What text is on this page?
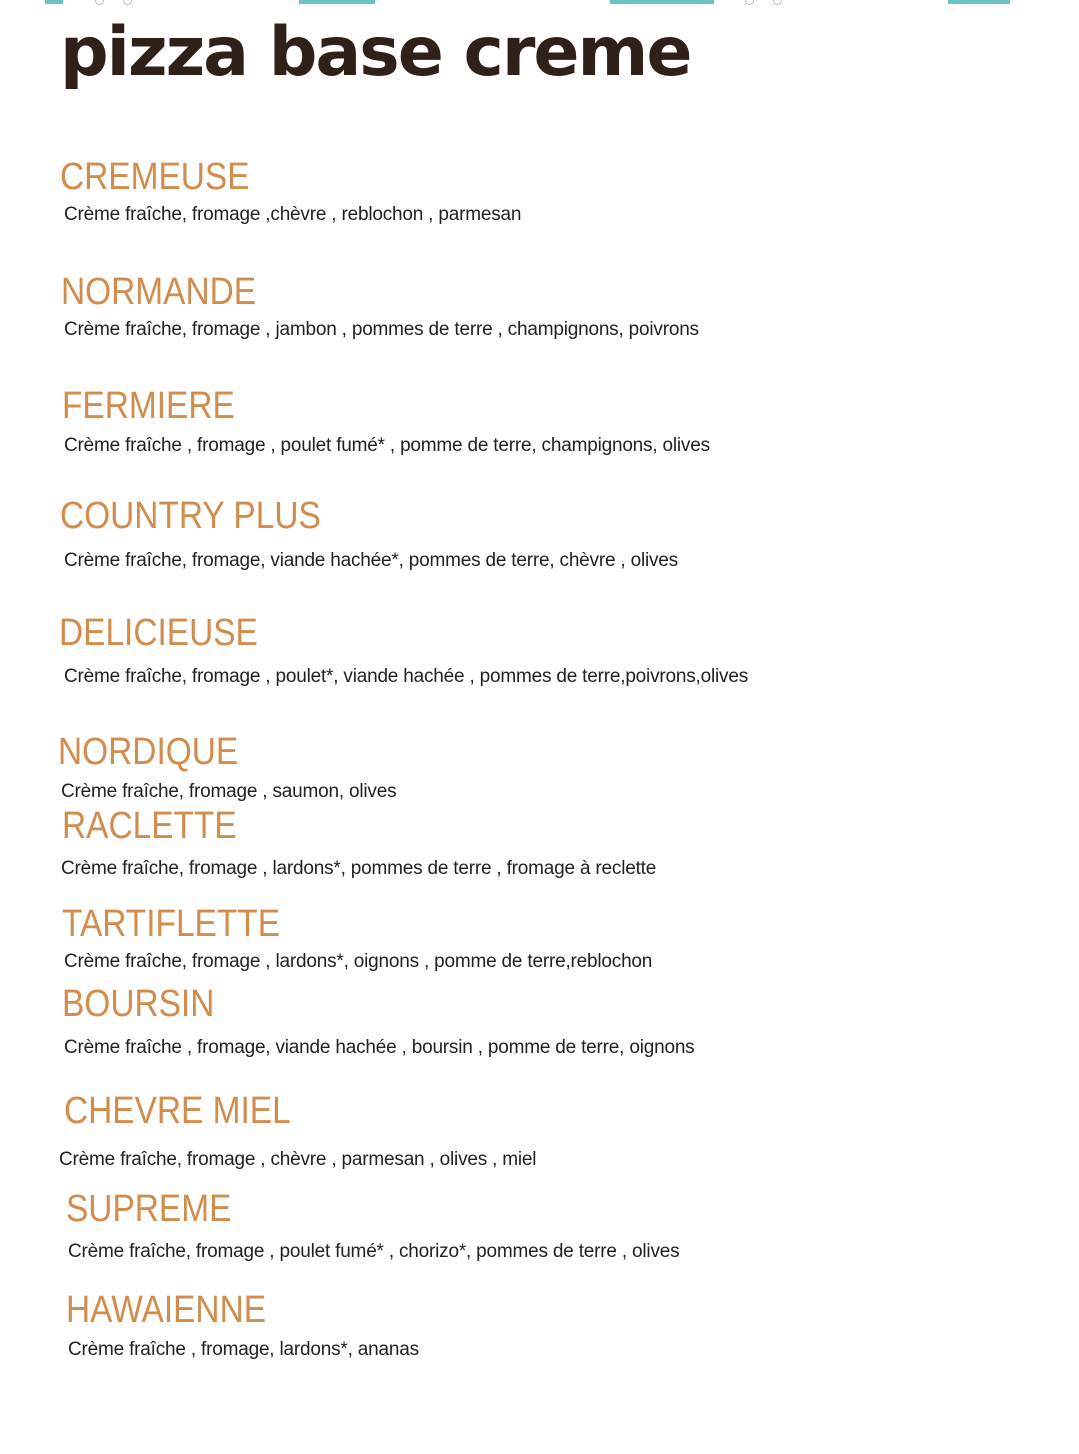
pizza base creme
CREMEUSE

Crème fraîche, fromage ,chèvre , reblochon , parmesan

NORMANDE

Crème fraîche, fromage , jambon , pommes de terre , champignons, poivrons

FERMIERE

Crème fraîche , fromage , poulet fumé* , pomme de terre, champignons, olives

COUNTRY PLUS

Crème fraîche, fromage, viande hachée*, pommes de terre, chèvre , olives

DELICIEUSE

Crème fraîche, fromage , poulet*, viande hachée , pommes de terre,poivrons,olives

NORDIQUE

Crème fraîche, fromage , saumon, olives

RACLETTE

Crème fraîche, fromage , lardons*, pommes de terre , fromage à reclette

TARTIFLETTE

Crème fraîche, fromage , lardons*, oignons , pomme de terre,reblochon

BOURSIN

Crème fraîche , fromage, viande hachée , boursin , pomme de terre, oignons

CHEVRE MIEL

Crème fraîche, fromage , chèvre , parmesan , olives , miel

SUPREME

Crème fraîche, fromage , poulet fumé* , chorizo*, pommes de terre , olives

HAWAIENNE

Crème fraîche , fromage, lardons*, ananas
